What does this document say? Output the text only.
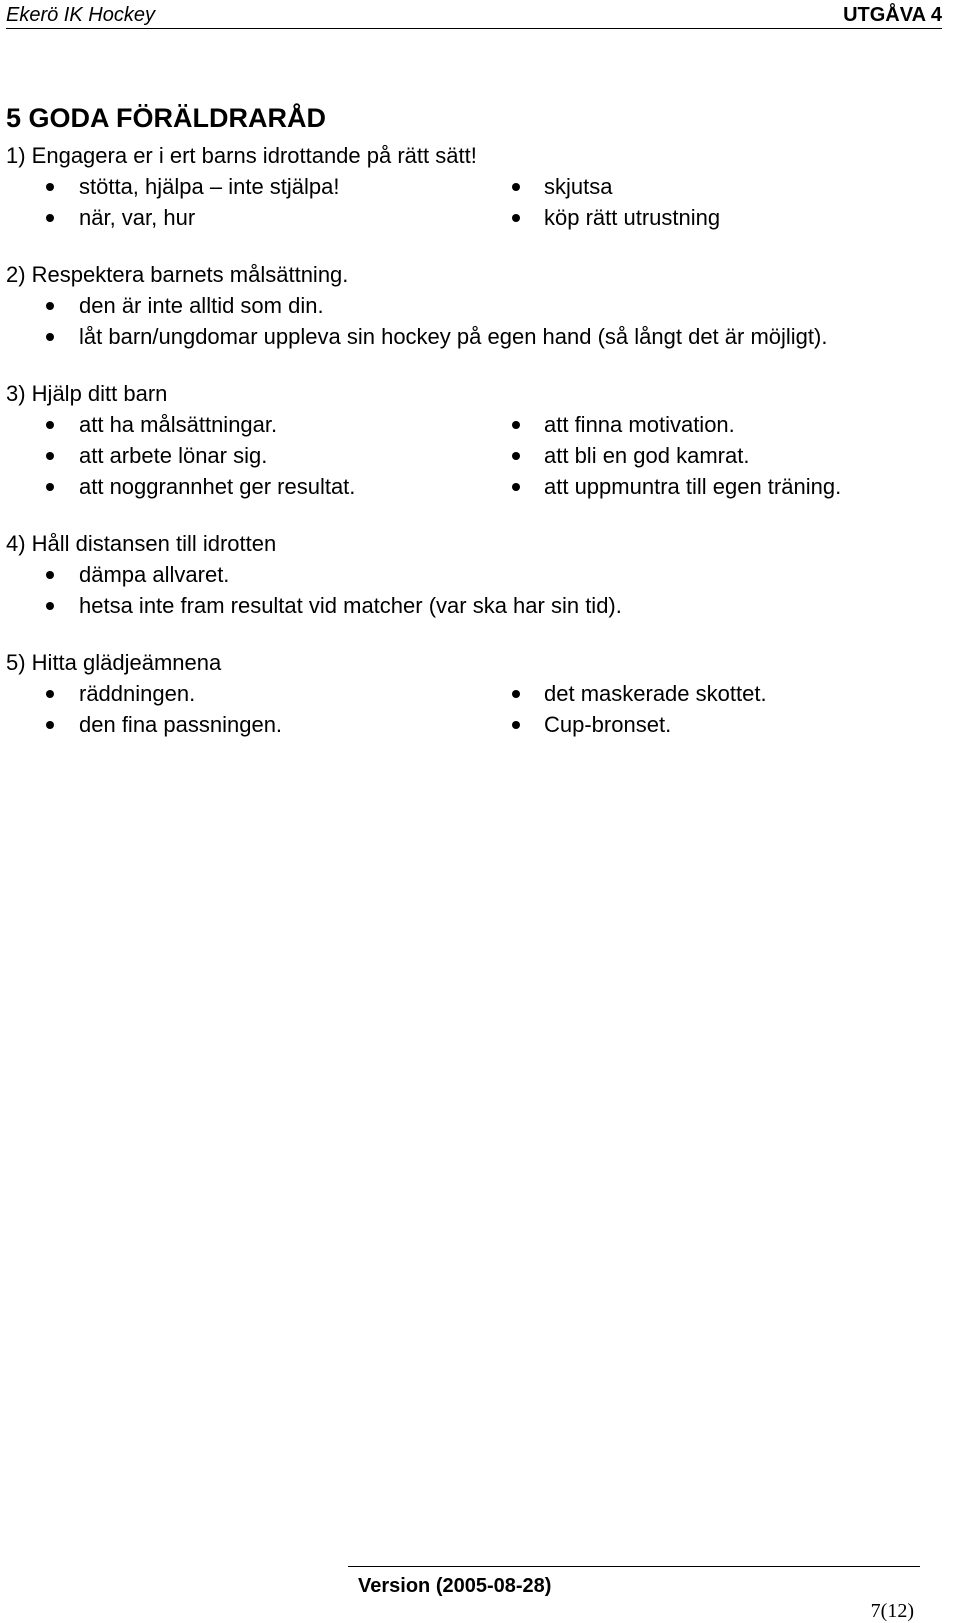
Ekerö IK Hockey	UTGÅVA 4
5 GODA FÖRÄLDRARÅD
1) Engagera er i ert barns idrottande på rätt sätt!
stötta, hjälpa – inte stjälpa!	skjutsa
när, var, hur	köp rätt utrustning
2) Respektera barnets målsättning.
den är inte alltid som din.
låt barn/ungdomar uppleva sin hockey på egen hand (så långt det är möjligt).
3) Hjälp ditt barn
att ha målsättningar.	att finna motivation.
att arbete lönar sig.	att bli en god kamrat.
att noggrannhet ger resultat.	att uppmuntra till egen träning.
4) Håll distansen till idrotten
dämpa allvaret.
hetsa inte fram resultat vid matcher (var ska har sin tid).
5) Hitta glädjeämnena
räddningen.	det maskerade skottet.
den fina passningen.	Cup-bronset.
Version (2005-08-28)
7(12)
